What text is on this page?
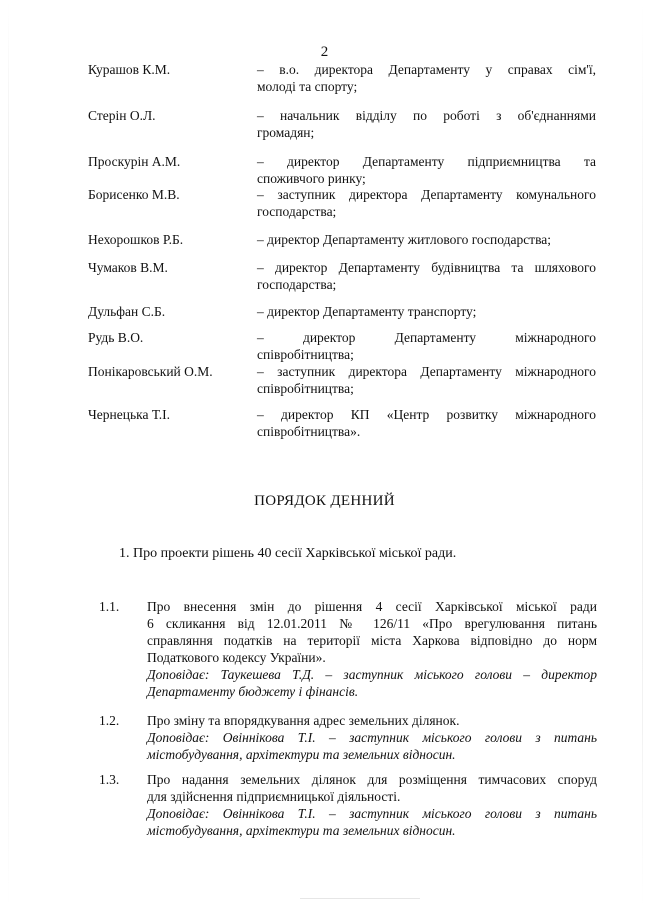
2
Курашов К.М.	– в.о. директора Департаменту у справах сім'ї,
молоді та спорту;
Стерін О.Л.	– начальник відділу по роботі з об'єднаннями
громадян;
Проскурін А.М.	– директор Департаменту підприємництва та
споживчого ринку;
Борисенко М.В.	– заступник директора Департаменту комунального
господарства;
Нехорошков Р.Б.	– директор Департаменту житлового господарства;
Чумаков В.М.	– директор Департаменту будівництва та шляхового
господарства;
Дульфан С.Б.	– директор Департаменту транспорту;
Рудь В.О.	– директор Департаменту міжнародного
співробітництва;
Понікаровський О.М.	– заступник директора Департаменту міжнародного
співробітництва;
Чернецька Т.І.	– директор КП «Центр розвитку міжнародного
співробітництва».
ПОРЯДОК ДЕННИЙ
1. Про проекти рішень 40 сесії Харківської міської ради.
1.1. Про внесення змін до рішення 4 сесії Харківської міської ради
6 скликання від 12.01.2011 № 126/11 «Про врегулювання питань
справляння податків на території міста Харкова відповідно до норм
Податкового кодексу України».
Доповідає: Таукешева Т.Д. – заступник міського голови – директор
Департаменту бюджету і фінансів.
1.2. Про зміну та впорядкування адрес земельних ділянок.
Доповідає: Овіннікова Т.І. – заступник міського голови з питань
містобудування, архітектури та земельних відносин.
1.3. Про надання земельних ділянок для розміщення тимчасових споруд
для здійснення підприємницької діяльності.
Доповідає: Овіннікова Т.І. – заступник міського голови з питань
містобудування, архітектури та земельних відносин.
